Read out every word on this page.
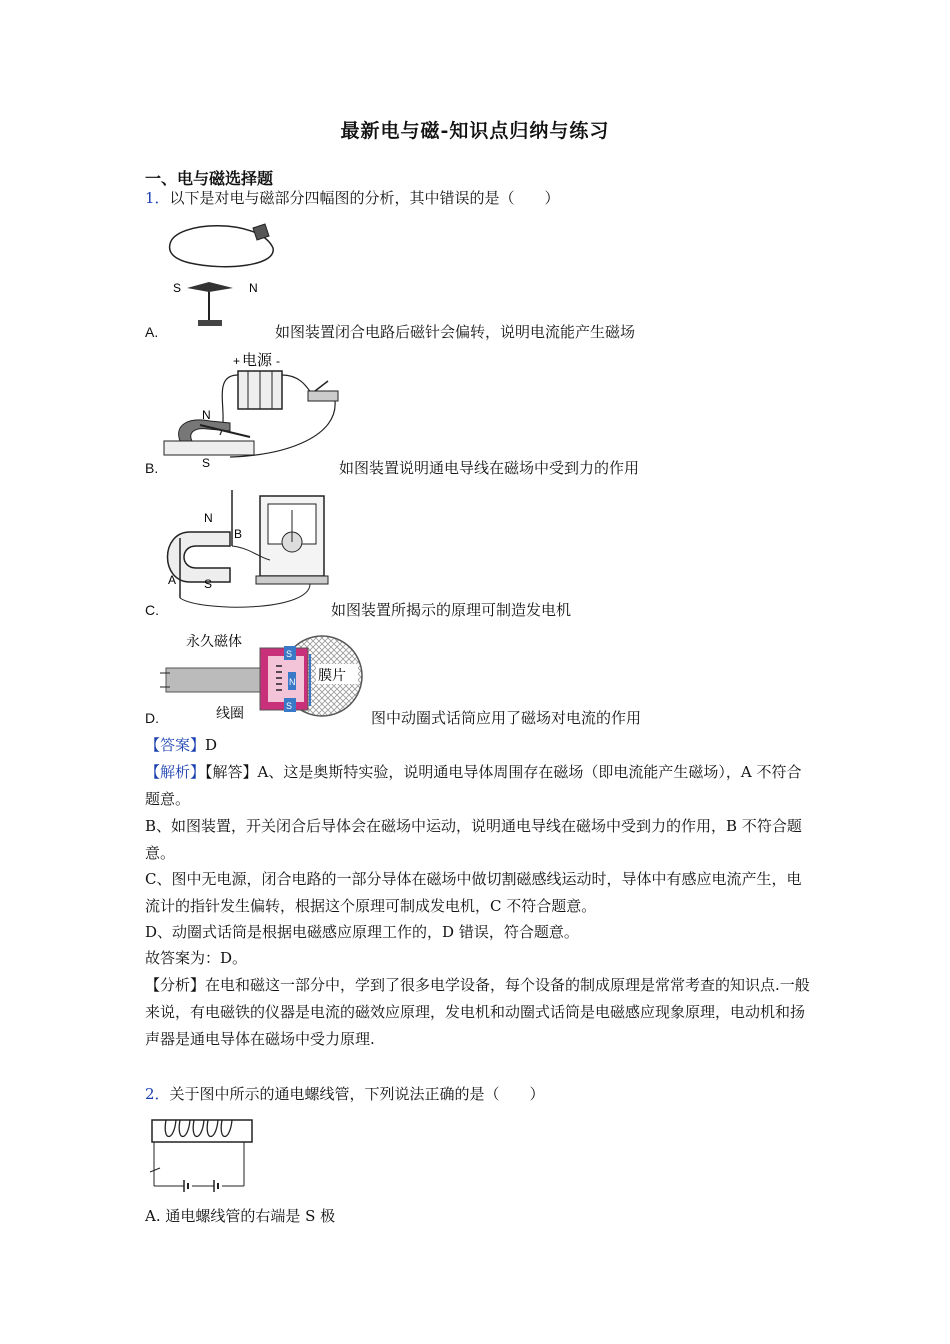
最新电与磁-知识点归纳与练习
一、电与磁选择题
1．以下是对电与磁部分四幅图的分析，其中错误的是（　　）
S	N
A.	如图装置闭合电路后磁针会偏转，说明电流能产生磁场
电源
+	-
N
S
B.	如图装置说明通电导线在磁场中受到力的作用
N
B
A S
C.	如图装置所揭示的原理可制造发电机
永久磁体
线圈
膜片
S
N
S
D.	图中动圈式话筒应用了磁场对电流的作用
【答案】D
【解析】【解答】A、这是奥斯特实验，说明通电导体周围存在磁场（即电流能产生磁场），A 不符合题意。
B、如图装置，开关闭合后导体会在磁场中运动，说明通电导线在磁场中受到力的作用，B 不符合题意。
C、图中无电源，闭合电路的一部分导体在磁场中做切割磁感线运动时，导体中有感应电流产生，电流计的指针发生偏转，根据这个原理可制成发电机，C 不符合题意。
D、动圈式话筒是根据电磁感应原理工作的，D 错误，符合题意。
故答案为：D。
【分析】在电和磁这一部分中，学到了很多电学设备，每个设备的制成原理是常常考查的知识点.一般来说，有电磁铁的仪器是电流的磁效应原理，发电机和动圈式话筒是电磁感应现象原理，电动机和扬声器是通电导体在磁场中受力原理.
2．关于图中所示的通电螺线管，下列说法正确的是（　　）
A. 通电螺线管的右端是 S 极
